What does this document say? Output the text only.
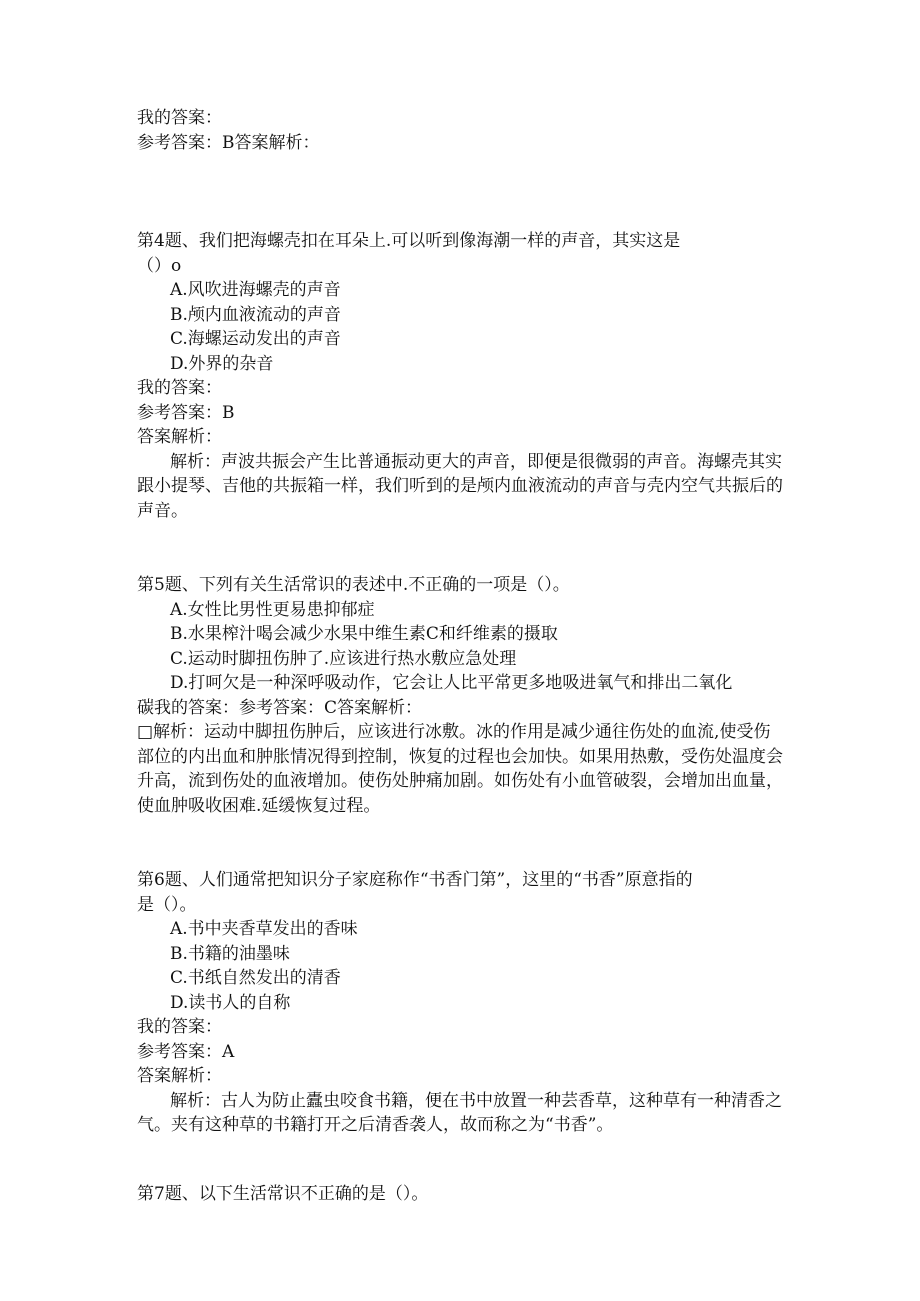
我的答案：
参考答案：B答案解析：
第4题、我们把海螺壳扣在耳朵上.可以听到像海潮一样的声音，其实这是
（）o
A.风吹进海螺壳的声音
B.颅内血液流动的声音
C.海螺运动发出的声音
D.外界的杂音
我的答案：
参考答案：B
答案解析：
解析：声波共振会产生比普通振动更大的声音，即便是很微弱的声音。海螺壳其实跟小提琴、吉他的共振箱一样，我们听到的是颅内血液流动的声音与壳内空气共振后的声音。
第5题、下列有关生活常识的表述中.不正确的一项是（）。
A.女性比男性更易患抑郁症
B.水果榨汁喝会减少水果中维生素C和纤维素的摄取
C.运动时脚扭伤肿了.应该进行热水敷应急处理
D.打呵欠是一种深呼吸动作，它会让人比平常更多地吸进氧气和排出二氧化
碳我的答案：参考答案：C答案解析：
□解析：运动中脚扭伤肿后，应该进行冰敷。冰的作用是减少通往伤处的血流,使受伤部位的内出血和肿胀情况得到控制，恢复的过程也会加快。如果用热敷，受伤处温度会升高，流到伤处的血液增加。使伤处肿痛加剧。如伤处有小血管破裂，会增加出血量，使血肿吸收困难.延缓恢复过程。
第6题、人们通常把知识分子家庭称作“书香门第”，这里的“书香”原意指的
是（）。
A.书中夹香草发出的香味
B.书籍的油墨味
C.书纸自然发出的清香
D.读书人的自称
我的答案：
参考答案：A
答案解析：
解析：古人为防止蠹虫咬食书籍，便在书中放置一种芸香草，这种草有一种清香之气。夹有这种草的书籍打开之后清香袭人，故而称之为“书香”。
第7题、以下生活常识不正确的是（）。
